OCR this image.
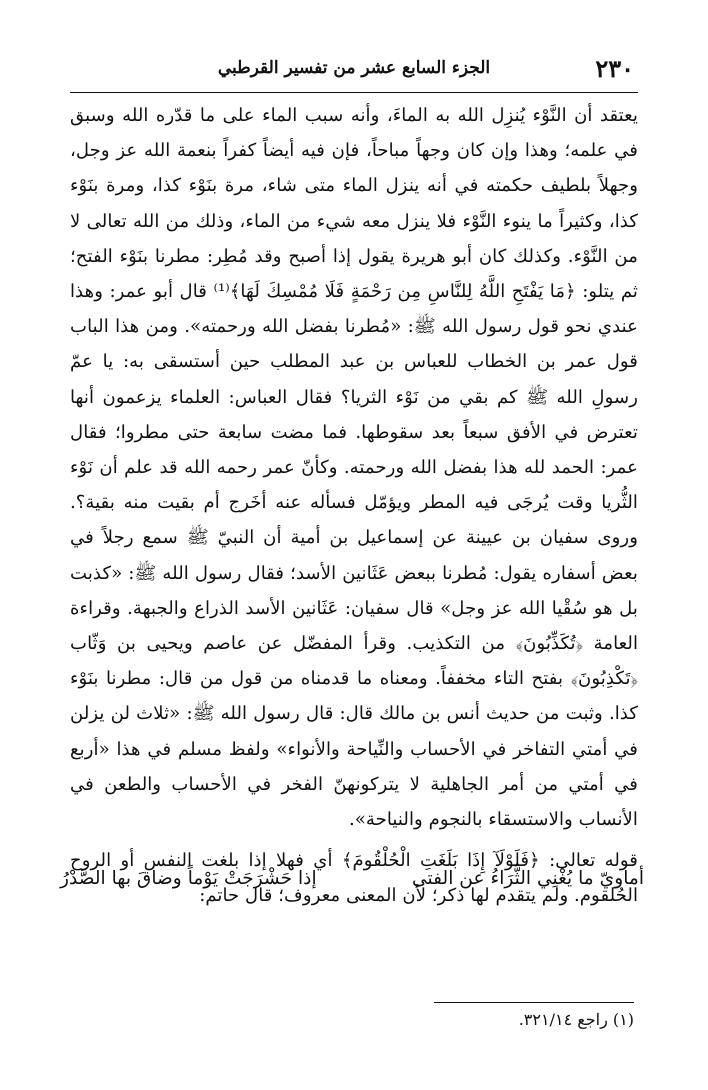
٢٣٠
الجزء السابع عشر من تفسير القرطبي

يعتقد أن النَّوْء يُنزِل الله به الماءَ، وأنه سبب الماء على ما قدّره الله وسبق في علمه؛ وهذا وإن كان وجهاً مباحاً، فإن فيه أيضاً كفراً بنعمة الله عز وجل، وجهلاً بلطيف حكمته في أنه ينزل الماء متى شاء، مرة بنَوْء كذا، ومرة بنَوْء كذا، وكثيراً ما ينوء النَّوْء فلا ينزل معه شيء من الماء، وذلك من الله تعالى لا من النَّوْء. وكذلك كان أبو هريرة يقول إذا أصبح وقد مُطِر: مطرنا بنَوْء الفتح؛ ثم يتلو: ﴿مَا يَفْتَحِ اللَّهُ لِلنَّاسِ مِن رَحْمَةٍ فَلَا مُمْسِكَ لَهَا﴾⁽¹⁾ قال أبو عمر: وهذا عندي نحو قول رسول الله ﷺ: «مُطرنا بفضل الله ورحمته». ومن هذا الباب قول عمر بن الخطاب للعباس بن عبد المطلب حين أستسقى به: يا عمّ رسولِ الله ﷺ كم بقي من نَوْء الثريا؟ فقال العباس: العلماء يزعمون أنها تعترض في الأفق سبعاً بعد سقوطها. فما مضت سابعة حتى مطروا؛ فقال عمر: الحمد لله هذا بفضل الله ورحمته. وكأنّ عمر رحمه الله قد علم أن نَوْء الثُّريا وقت يُرجَى فيه المطر ويؤمّل فسأله عنه أخَرج أم بقيت منه بقية؟. وروى سفيان بن عيينة عن إسماعيل بن أمية أن النبيّ ﷺ سمع رجلاً في بعض أسفاره يقول: مُطرنا ببعض عَثَانين الأسد؛ فقال رسول الله ﷺ: «كذبت بل هو سُقْيا الله عز وجل» قال سفيان: عَثَانين الأسد الذراع والجبهة. وقراءة العامة ﴿تُكَذِّبُونَ﴾ من التكذيب. وقرأ المفضّل عن عاصم ويحيى بن وَثّاب ﴿تَكْذِبُونَ﴾ بفتح التاء مخففاً. ومعناه ما قدمناه من قول من قال: مطرنا بنَوْء كذا. وثبت من حديث أنس بن مالك قال: قال رسول الله ﷺ: «ثلاث لن يزلن في أمتي التفاخر في الأحساب والنِّياحة والأنواء» ولفظ مسلم في هذا «أربع في أمتي من أمر الجاهلية لا يتركونهنّ الفخر في الأحساب والطعن في الأنساب والاستسقاء بالنجوم والنياحة».

قوله تعالى: ﴿فَلَوْلَآ إِذَا بَلَغَتِ الْحُلْقُومَ﴾ أي فهلا إذا بلغت النفس أو الروح الحُلقوم. ولم يتقدم لها ذكر؛ لأن المعنى معروف؛ قال حاتم:

أماويّ ما يُغْنِي الثَّرَاءُ عن الفتى
إذا حَشْرَجَتْ يَوْماً وضاقَ بها الصَّدْرُ
(١) راجع ٣٢١/١٤.
